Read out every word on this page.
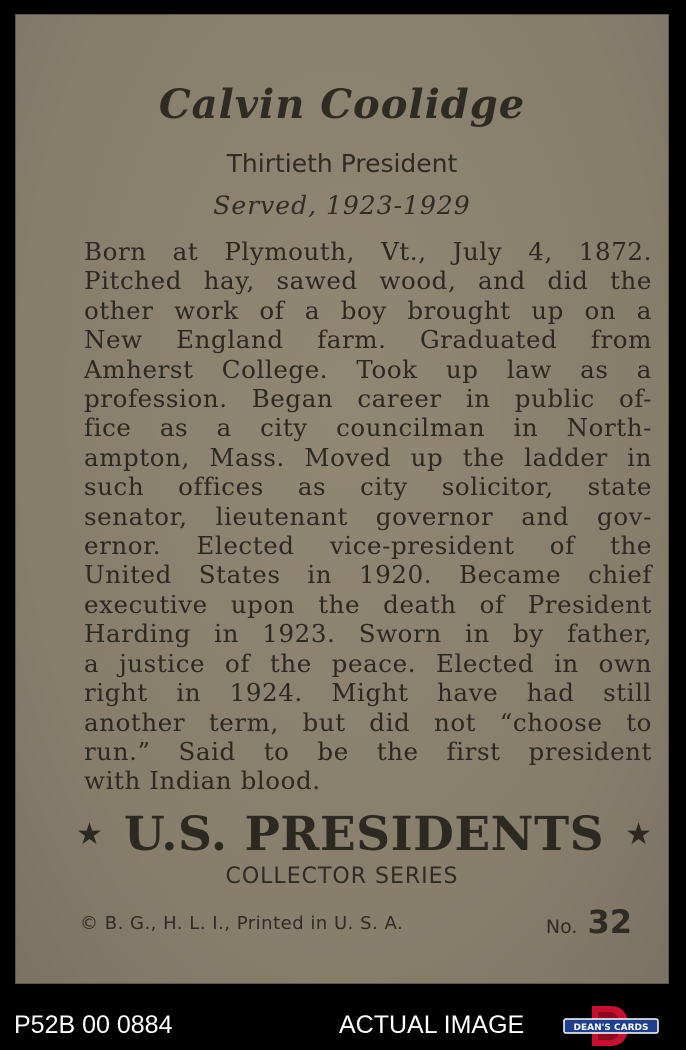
Calvin Coolidge
Thirtieth President
Served, 1923-1929
Born at Plymouth, Vt., July 4, 1872.
Pitched hay, sawed wood, and did the
other work of a boy brought up on a
New England farm. Graduated from
Amherst College. Took up law as a
profession. Began career in public of-
fice as a city councilman in North-
ampton, Mass. Moved up the ladder in
such offices as city solicitor, state
senator, lieutenant governor and gov-
ernor. Elected vice-president of the
United States in 1920. Became chief
executive upon the death of President
Harding in 1923. Sworn in by father,
a justice of the peace. Elected in own
right in 1924. Might have had still
another term, but did not “choose to
run.” Said to be the first president
with Indian blood.
★ U.S. PRESIDENTS ★
COLLECTOR SERIES
© B. G., H. L. I., Printed in U. S. A.	No. 32
P52B 00 0884	ACTUAL IMAGE	DEAN'S CARDS
